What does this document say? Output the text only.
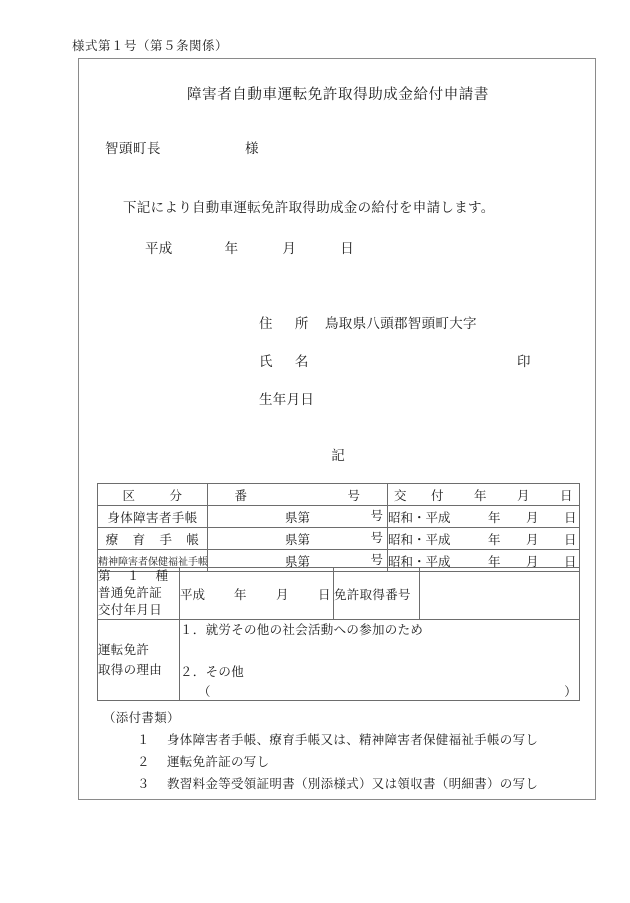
様式第１号（第５条関係）
障害者自動車運転免許取得助成金給付申請書
智頭町長	様
下記により自動車運転免許取得助成金の給付を申請します。
平成	年	月	日
住 所 鳥取県八頭郡智頭町大字
氏 名	印
生年月日
記
区 分	番 号	交 付 年 月 日
身体障害者手帳	県第 号	昭和・平成 年 月 日

療 育 手 帳	県第 号	昭和・平成 年 月 日

精神障害者保健福祉手帳	県第 号	昭和・平成 年 月 日
第 １ 種
普通免許証
交付年月日
	平成 年 月 日	免許取得番号	

運転免許
取得の理由

１．就労その他の社会活動への参加のため
２．その他
（	）
（添付書類）
１ 身体障害者手帳、療育手帳又は、精神障害者保健福祉手帳の写し
２ 運転免許証の写し
３ 教習料金等受領証明書（別添様式）又は領収書（明細書）の写し
